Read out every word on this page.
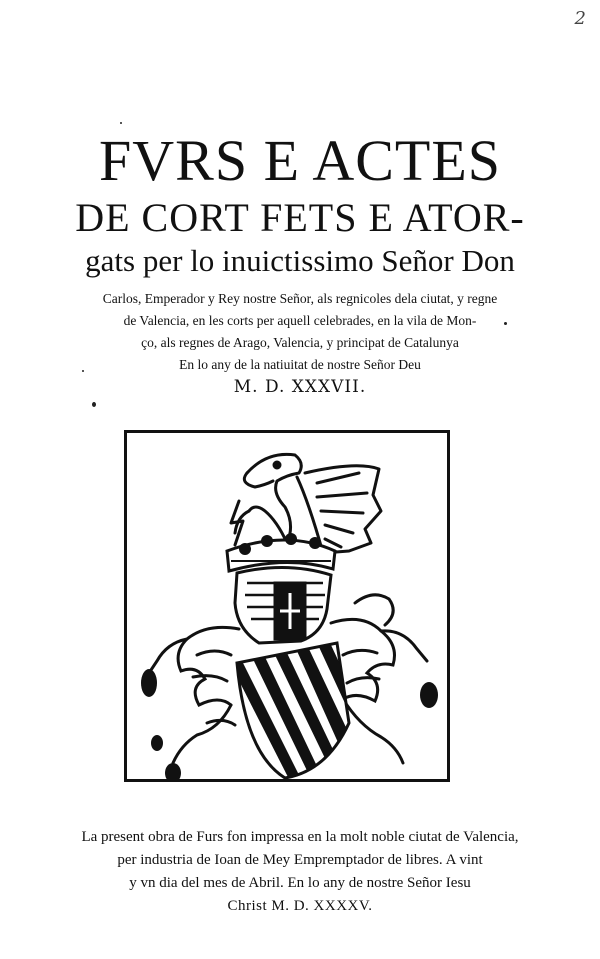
2

FVRS E ACTES

DE CORT FETS E ATOR-

gats per lo inuictissimo Señor Don

Carlos, Emperador y Rey nostre Señor, als regnicoles dela ciutat, y regne

de Valencia, en les corts per aquell celebrades, en la vila de Mon-

ço, als regnes de Arago, Valencia, y principat de Catalunya

En lo any de la natiuitat de nostre Señor Deu

M. D. XXXVII.

La present obra de Furs fon impressa en la molt noble ciutat de Valencia,

per industria de Ioan de Mey Empremptador de libres. A vint

y vn dia del mes de Abril. En lo any de nostre Señor Iesu

Christ M. D. XXXXV.
